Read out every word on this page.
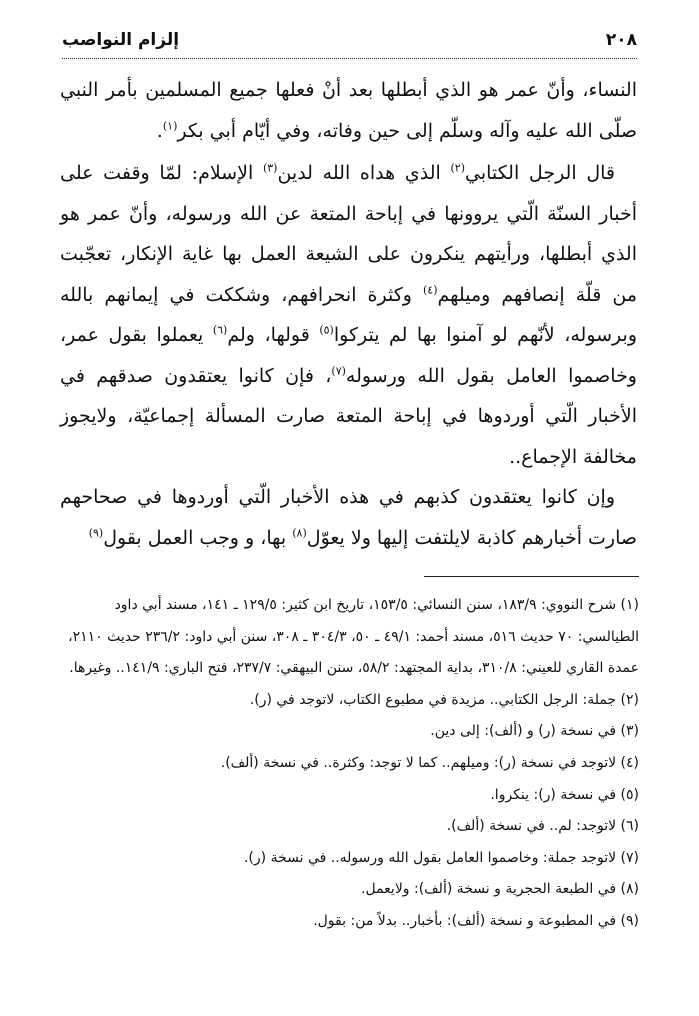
٢٠٨
إلزام النواصب

النساء، وأنّ عمر هو الذي أبطلها بعد أنْ فعلها جميع المسلمين بأمر النبي صلّى الله عليه وآله وسلّم إلى حين وفاته، وفي أيّام أبي بكر$^{(١)}$.

قال الرجل الكتابي$^{(٢)}$ الذي هداه الله لدين$^{(٣)}$ الإسلام: لمّا وقفت على أخبار السنّة الّتي يروونها في إباحة المتعة عن الله ورسوله، وأنّ عمر هو الذي أبطلها، ورأيتهم ينكرون على الشيعة العمل بها غاية الإنكار، تعجّبت من قلّة إنصافهم وميلهم$^{(٤)}$ وكثرة انحرافهم، وشككت في إيمانهم بالله وبرسوله، لأنّهم لو آمنوا بها لم يتركوا$^{(٥)}$ قولها، ولم$^{(٦)}$ يعملوا بقول عمر، وخاصموا العامل بقول الله ورسوله$^{(٧)}$، فإن كانوا يعتقدون صدقهم في الأخبار الّتي أوردوها في إباحة المتعة صارت المسألة إجماعيّة، ولايجوز مخالفة الإجماع..

وإن كانوا يعتقدون كذبهم في هذه الأخبار الّتي أوردوها في صحاحهم صارت أخبارهم كاذبة لايلتفت إليها ولا يعوّل$^{(٨)}$ بها، و وجب العمل بقول$^{(٩)}$

(١) شرح النووي: ١٨٣/٩، سنن النسائي: ١٥٣/٥، تاريخ ابن كثير: ١٢٩/٥ ـ ١٤١، مسند أبي داود الطيالسي: ٧٠ حديث ٥١٦، مسند أحمد: ٤٩/١ ـ ٥٠، ٣٠٤/٣ ـ ٣٠٨، سنن أبي داود: ٢٣٦/٢ حديث ٢١١٠، عمدة القاري للعيني: ٣١٠/٨، بداية المجتهد: ٥٨/٢، سنن البيهقي: ٢٣٧/٧، فتح الباري: ١٤١/٩.. وغيرها.

(٢) جملة: الرجل الكتابي.. مزيدة في مطبوع الكتاب، لاتوجد في (ر).

(٣) في نسخة (ر) و (ألف): إلى دين.

(٤) لاتوجد في نسخة (ر): وميلهم.. كما لا توجد: وكثرة.. في نسخة (ألف).

(٥) في نسخة (ر): ينكروا.

(٦) لاتوجد: لم.. في نسخة (ألف).

(٧) لاتوجد جملة: وخاصموا العامل بقول الله ورسوله.. في نسخة (ر).

(٨) في الطبعة الحجرية و نسخة (ألف): ولايعمل.

(٩) في المطبوعة و نسخة (ألف): بأخبار.. بدلاً من: بقول.
